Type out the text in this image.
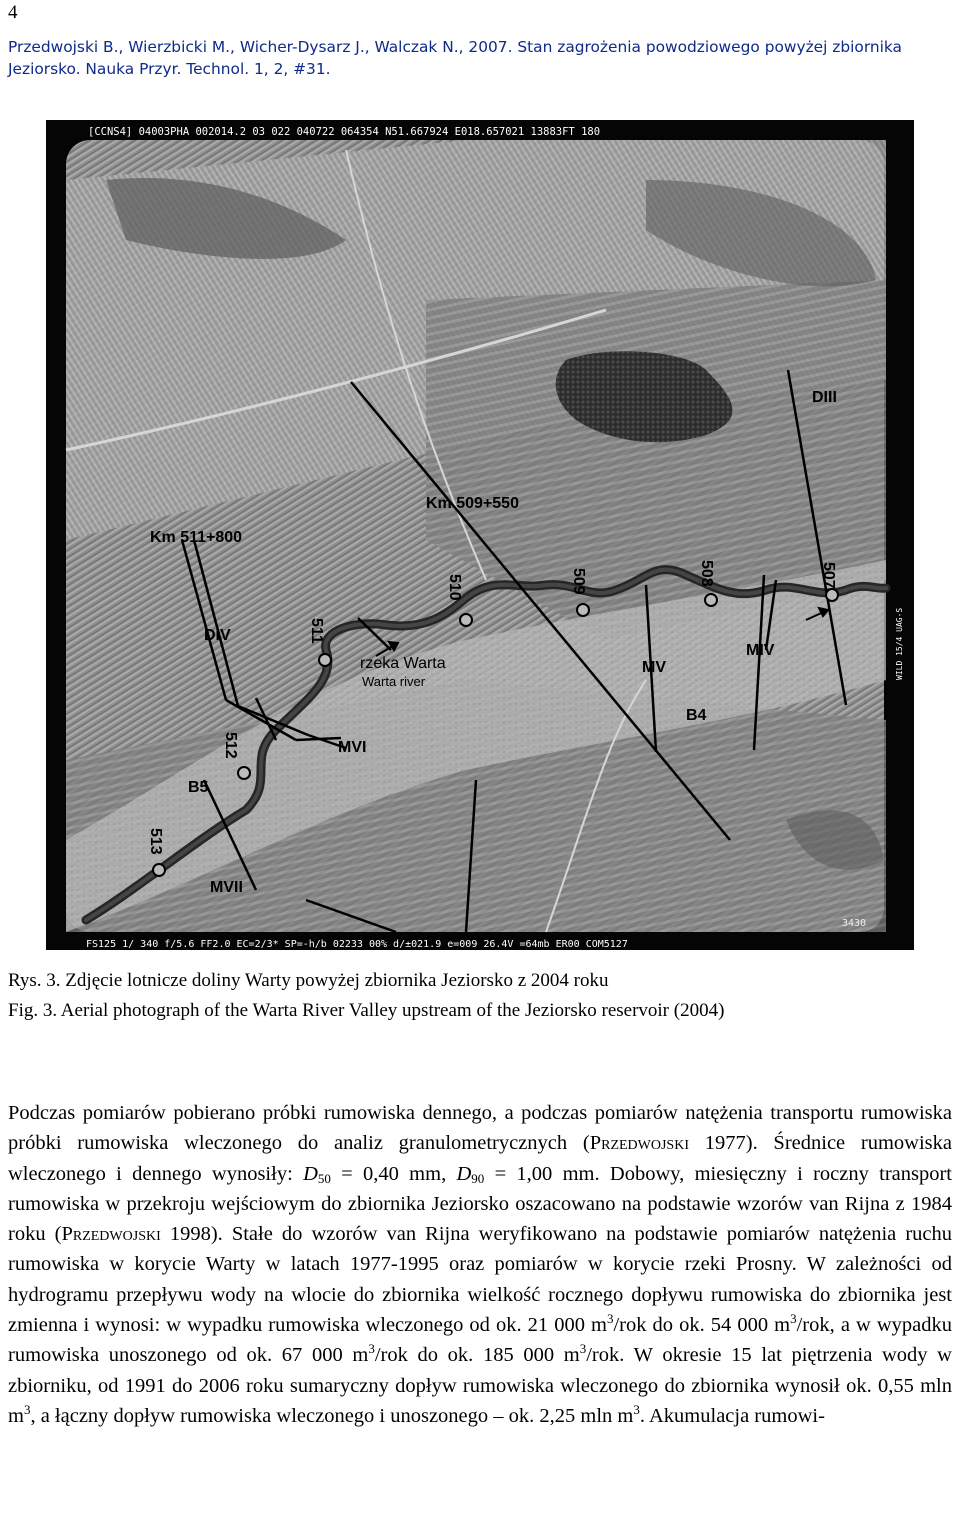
4
Przedwojski B., Wierzbicki M., Wicher-Dysarz J., Walczak N., 2007. Stan zagrożenia powodziowego powyżej zbiornika Jeziorsko. Nauka Przyr. Technol. 1, 2, #31.
[CCNS4] 04003PHA 002014.2 03 022 040722 064354 N51.667924 E018.657021 13883FT 180
FS125 1/ 340 f/5.6 FF2.0 EC=2/3* SP=-h/b 02233 00% d/±021.9 e=009 26.4V =64mb ER00 COM5127
WILD 15/4 UAG-S
3430
DIII
Km 509+550
Km 511+800
DIV
MV
MIV
B4
MVI
B5
MVII
rzeka Warta
Warta river
507
508
509
510
511
512
513
Rys. 3. Zdjęcie lotnicze doliny Warty powyżej zbiornika Jeziorsko z 2004 roku
Fig. 3. Aerial photograph of the Warta River Valley upstream of the Jeziorsko reservoir (2004)
Podczas pomiarów pobierano próbki rumowiska dennego, a podczas pomiarów natężenia transportu rumowiska próbki rumowiska wleczonego do analiz granulometrycznych (Przedwojski 1977). Średnice rumowiska wleczonego i dennego wynosiły: $D_{50} = 0,40$ mm, $D_{90} = 1,00$ mm. Dobowy, miesięczny i roczny transport rumowiska w przekroju wejściowym do zbiornika Jeziorsko oszacowano na podstawie wzorów van Rijna z 1984 roku (Przedwojski 1998). Stałe do wzorów van Rijna weryfikowano na podstawie pomiarów natężenia ruchu rumowiska w korycie Warty w latach 1977-1995 oraz pomiarów w korycie rzeki Prosny. W zależności od hydrogramu przepływu wody na wlocie do zbiornika wielkość rocznego dopływu rumowiska do zbiornika jest zmienna i wynosi: w wypadku rumowiska wleczonego od ok. 21 000 $m^3$/rok do ok. 54 000 $m^3$/rok, a w wypadku rumowiska unoszonego od ok. 67 000 $m^3$/rok do ok. 185 000 $m^3$/rok. W okresie 15 lat piętrzenia wody w zbiorniku, od 1991 do 2006 roku sumaryczny dopływ rumowiska wleczonego do zbiornika wynosił ok. 0,55 mln $m^3$, a łączny dopływ rumowiska wleczonego i unoszonego – ok. 2,25 mln $m^3$. Akumulacja rumowi-
